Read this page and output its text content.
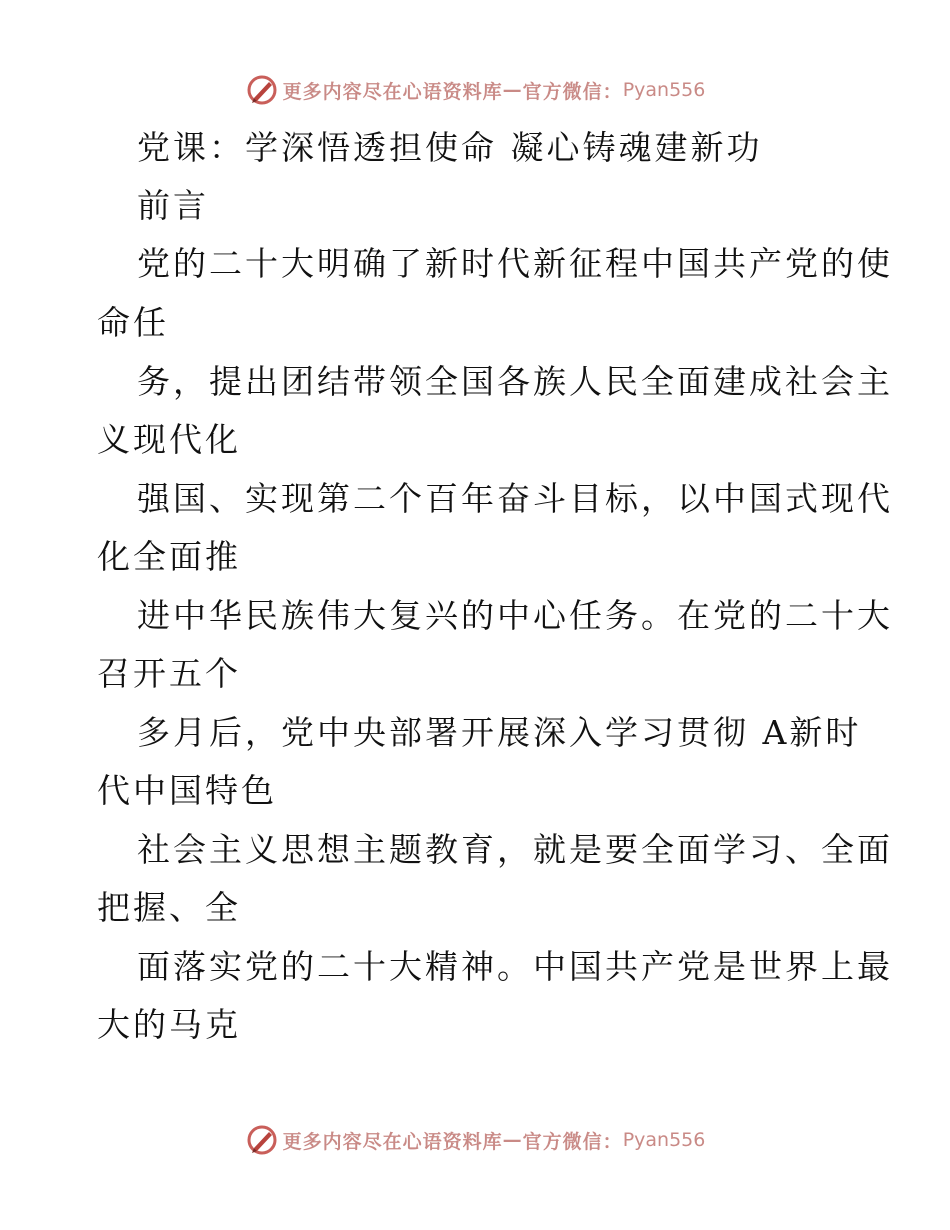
更多内容尽在心语资料库 — 官方微信： Pyan556
党课：学深悟透担使命 凝心铸魂建新功
前言
党的二十大明确了新时代新征程中国共产党的使
命任
务，提出团结带领全国各族人民全面建成社会主
义现代化
强国、实现第二个百年奋斗目标，以中国式现代
化全面推
进中华民族伟大复兴的中心任务。在党的二十大
召开五个
多月后，党中央部署开展深入学习贯彻 A新时
代中国特色
社会主义思想主题教育，就是要全面学习、全面
把握、全
面落实党的二十大精神。中国共产党是世界上最
大的马克
更多内容尽在心语资料库 — 官方微信： Pyan556
